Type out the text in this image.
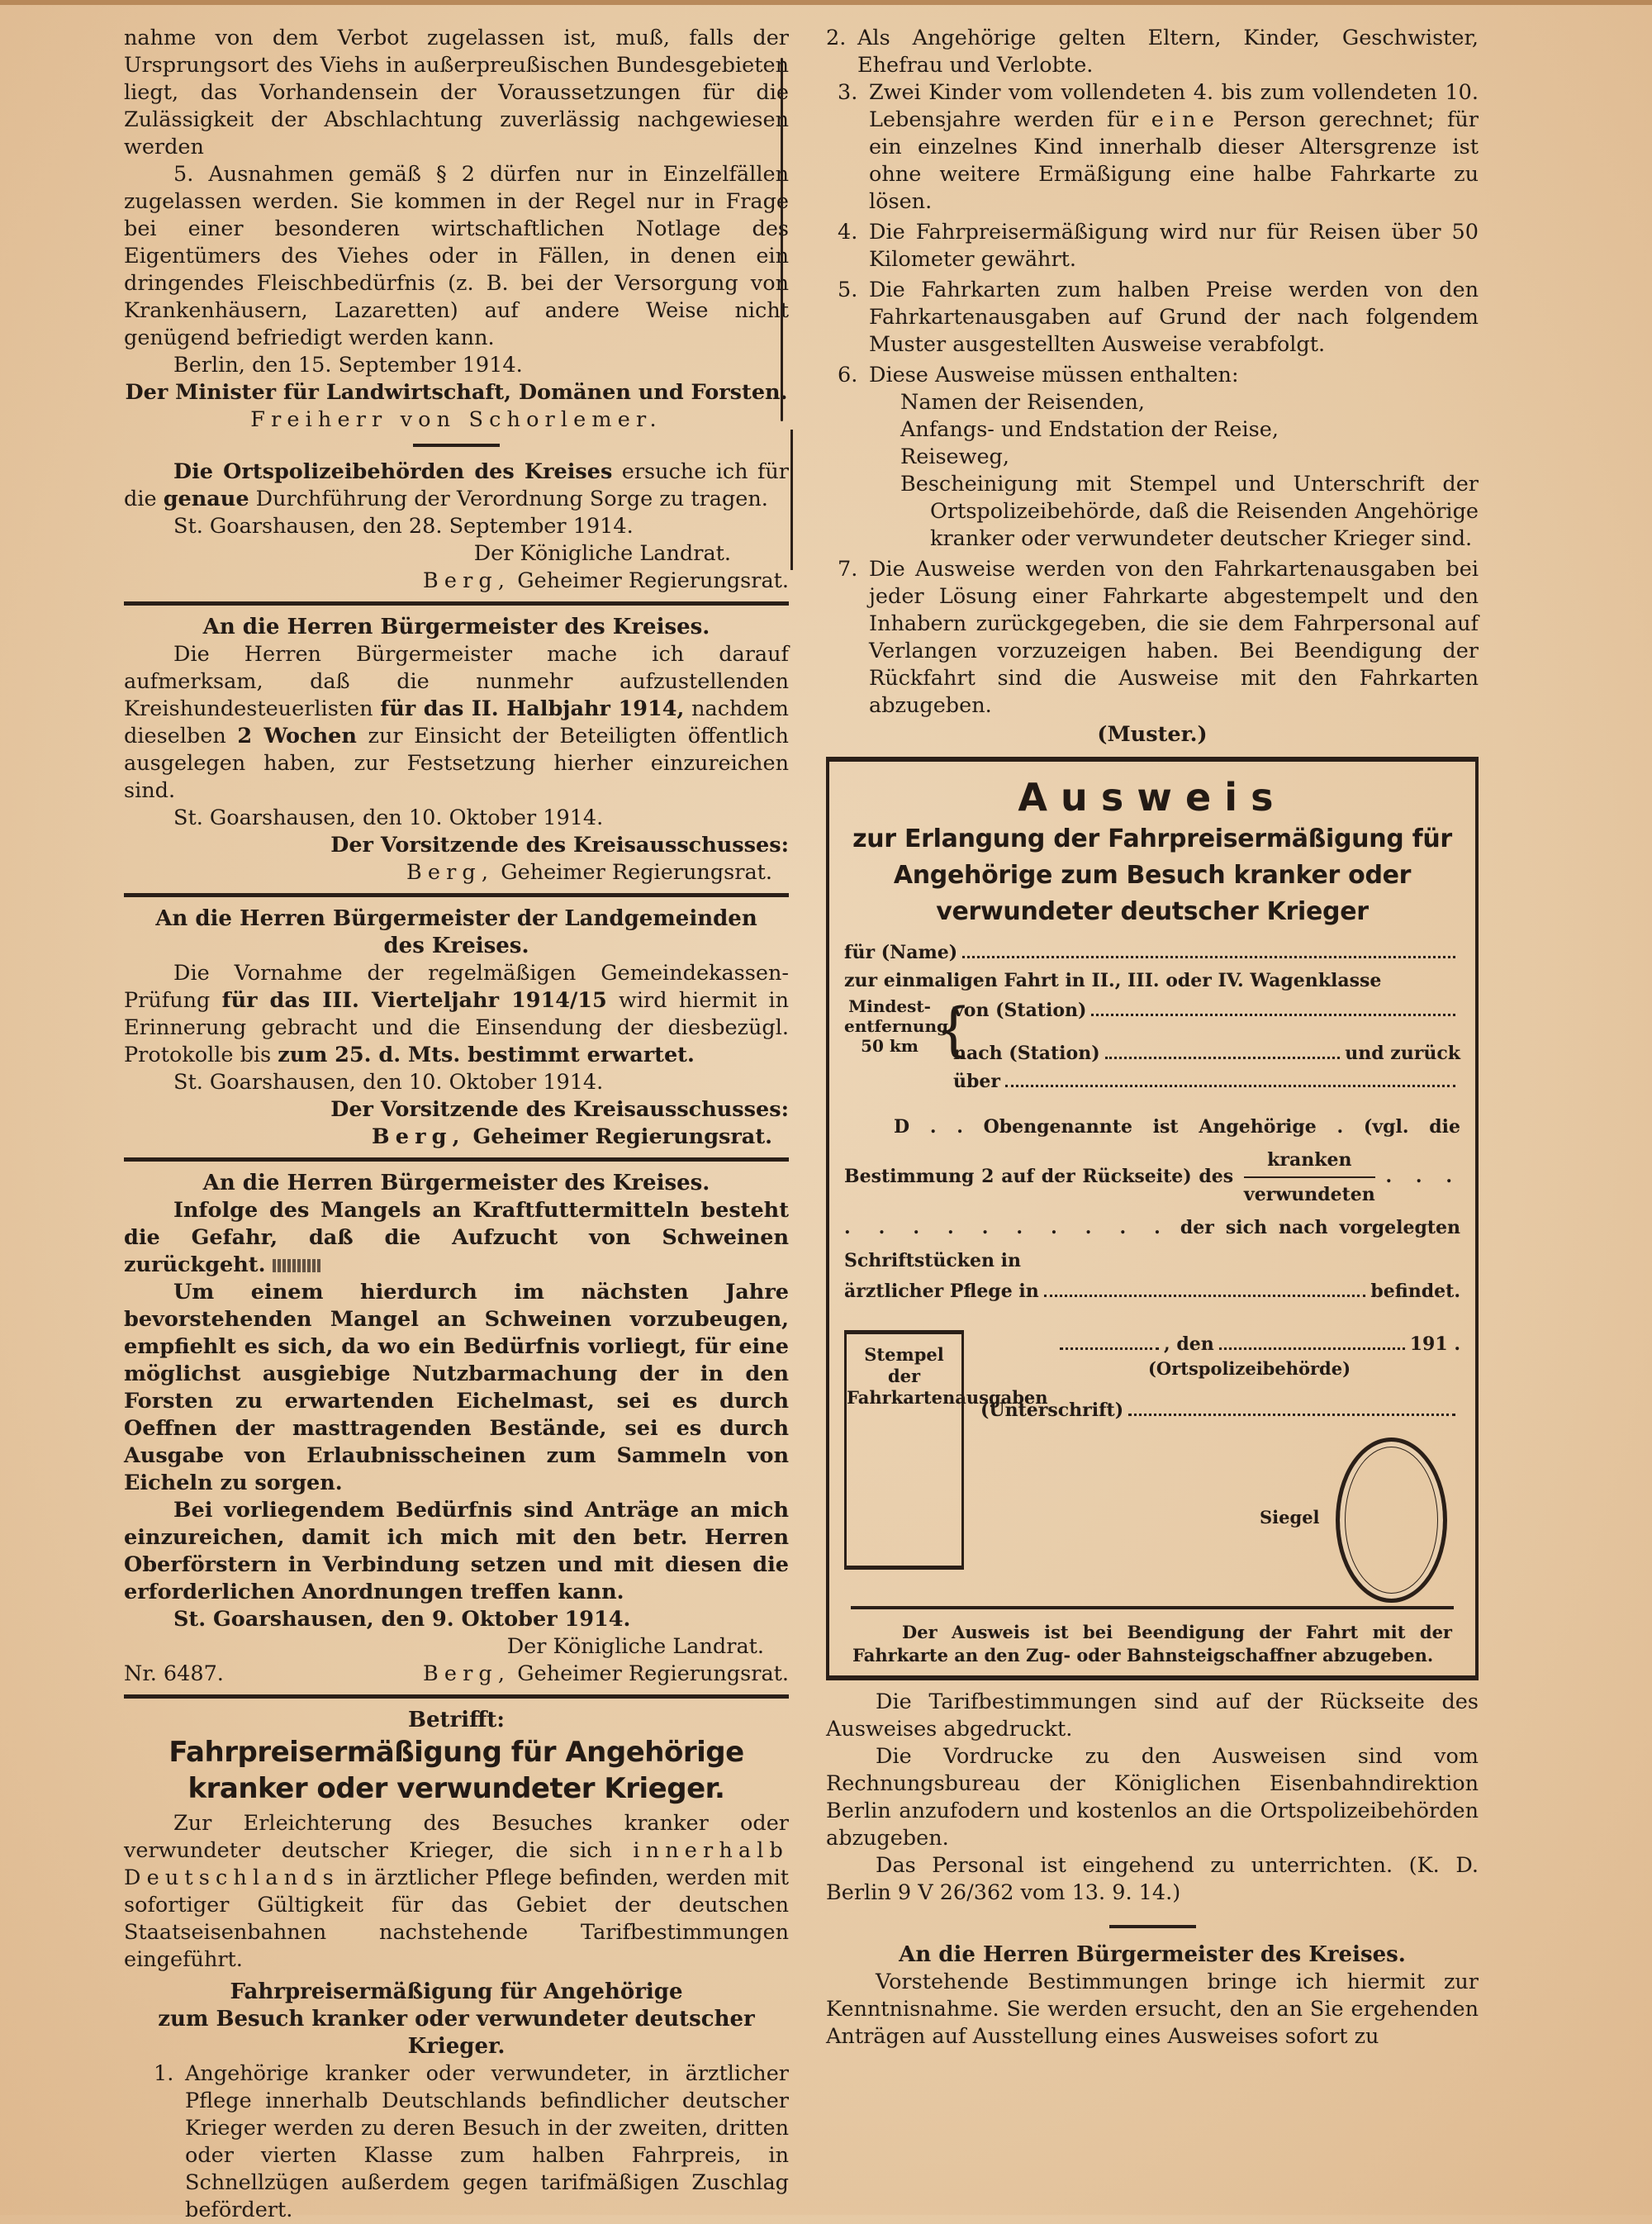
nahme von dem Verbot zugelassen ist, muß, falls der Ursprungsort des Viehs in außerpreußischen Bundesgebieten liegt, das Vorhandensein der Voraussetzungen für die Zulässigkeit der Abschlachtung zuverlässig nachgewiesen werden

5. Ausnahmen gemäß § 2 dürfen nur in Einzelfällen zugelassen werden. Sie kommen in der Regel nur in Frage bei einer besonderen wirtschaftlichen Notlage des Eigentümers des Viehes oder in Fällen, in denen ein dringendes Fleischbedürfnis (z. B. bei der Versorgung von Krankenhäusern, Lazaretten) auf andere Weise nicht genügend befriedigt werden kann.

Berlin, den 15. September 1914.

Der Minister für Landwirtschaft, Domänen und Forsten.

Freiherr von Schorlemer.

Die Ortspolizeibehörden des Kreises ersuche ich für die genaue Durchführung der Verordnung Sorge zu tragen.

St. Goarshausen, den 28. September 1914.

Der Königliche Landrat.

Berg, Geheimer Regierungsrat.

An die Herren Bürgermeister des Kreises.

Die Herren Bürgermeister mache ich darauf aufmerksam, daß die nunmehr aufzustellenden Kreishundesteuerlisten für das II. Halbjahr 1914, nachdem dieselben 2 Wochen zur Einsicht der Beteiligten öffentlich ausgelegen haben, zur Festsetzung hierher einzureichen sind.

St. Goarshausen, den 10. Oktober 1914.

Der Vorsitzende des Kreisausschusses:

Berg, Geheimer Regierungsrat.

An die Herren Bürgermeister der Landgemeinden

des Kreises.

Die Vornahme der regelmäßigen Gemeindekassen-Prüfung für das III. Vierteljahr 1914/15 wird hiermit in Erinnerung gebracht und die Einsendung der diesbezügl. Protokolle bis zum 25. d. Mts. bestimmt erwartet.

St. Goarshausen, den 10. Oktober 1914.

Der Vorsitzende des Kreisausschusses:

Berg, Geheimer Regierungsrat.

An die Herren Bürgermeister des Kreises.

Infolge des Mangels an Kraftfuttermitteln besteht die Gefahr, daß die Aufzucht von Schweinen zurückgeht.

Um einem hierdurch im nächsten Jahre bevorstehenden Mangel an Schweinen vorzubeugen, empfiehlt es sich, da wo ein Bedürfnis vorliegt, für eine möglichst ausgiebige Nutzbarmachung der in den Forsten zu erwartenden Eichelmast, sei es durch Oeffnen der masttragenden Bestände, sei es durch Ausgabe von Erlaubnisscheinen zum Sammeln von Eicheln zu sorgen.

Bei vorliegendem Bedürfnis sind Anträge an mich einzureichen, damit ich mich mit den betr. Herren Oberförstern in Verbindung setzen und mit diesen die erforderlichen Anordnungen treffen kann.

St. Goarshausen, den 9. Oktober 1914.

Der Königliche Landrat.

Nr. 6487.	Berg, Geheimer Regierungsrat.

Betrifft:

Fahrpreisermäßigung für Angehörige kranker oder verwundeter Krieger.

Zur Erleichterung des Besuches kranker oder verwundeter deutscher Krieger, die sich innerhalb Deutschlands in ärztlicher Pflege befinden, werden mit sofortiger Gültigkeit für das Gebiet der deutschen Staatseisenbahnen nachstehende Tarifbestimmungen eingeführt.

Fahrpreisermäßigung für Angehörige

zum Besuch kranker oder verwundeter deutscher Krieger.

1. Angehörige kranker oder verwundeter, in ärztlicher Pflege innerhalb Deutschlands befindlicher deutscher Krieger werden zu deren Besuch in der zweiten, dritten oder vierten Klasse zum halben Fahrpreis, in Schnellzügen außerdem gegen tarifmäßigen Zuschlag befördert.
2. Als Angehörige gelten Eltern, Kinder, Geschwister, Ehefrau und Verlobte.
3. Zwei Kinder vom vollendeten 4. bis zum vollendeten 10. Lebensjahre werden für eine Person gerechnet; für ein einzelnes Kind innerhalb dieser Altersgrenze ist ohne weitere Ermäßigung eine halbe Fahrkarte zu lösen.
4. Die Fahrpreisermäßigung wird nur für Reisen über 50 Kilometer gewährt.
5. Die Fahrkarten zum halben Preise werden von den Fahrkartenausgaben auf Grund der nach folgendem Muster ausgestellten Ausweise verabfolgt.
6. Diese Ausweise müssen enthalten:

Namen der Reisenden,

Anfangs- und Endstation der Reise,

Reiseweg,

Bescheinigung mit Stempel und Unterschrift der Ortspolizeibehörde, daß die Reisenden Angehörige kranker oder verwundeter deutscher Krieger sind.

7. Die Ausweise werden von den Fahrkartenausgaben bei jeder Lösung einer Fahrkarte abgestempelt und den Inhabern zurückgegeben, die sie dem Fahrpersonal auf Verlangen vorzuzeigen haben. Bei Beendigung der Rückfahrt sind die Ausweise mit den Fahrkarten abzugeben.

(Muster.)

Ausweis
zur Erlangung der Fahrpreisermäßigung für Angehörige zum Besuch kranker oder verwundeter deutscher Krieger
für (Name)
zur einmaligen Fahrt in II., III. oder IV. Wagenklasse
Mindest-
entfernung
50 km {
von (Station)
nach (Station)	und zurück
über
D . . Obengenannte ist Angehörige . (vgl. die Bestimmung 2 auf der Rückseite) des $\frac{\text{kranken}}{\text{verwundeten}}$ . . . . . . . . . . . . . der sich nach vorgelegten Schriftstücken in
ärztlicher Pflege in	befindet.
Stempel der Fahrkartenausgaben
, den	191 .
(Ortspolizeibehörde)
(Unterschrift)
Siegel

Der Ausweis ist bei Beendigung der Fahrt mit der Fahrkarte an den Zug- oder Bahnsteigschaffner abzugeben.

Die Tarifbestimmungen sind auf der Rückseite des Ausweises abgedruckt.

Die Vordrucke zu den Ausweisen sind vom Rechnungsbureau der Königlichen Eisenbahndirektion Berlin anzufodern und kostenlos an die Ortspolizeibehörden abzugeben.

Das Personal ist eingehend zu unterrichten. (K. D. Berlin 9 V 26/362 vom 13. 9. 14.)

An die Herren Bürgermeister des Kreises.

Vorstehende Bestimmungen bringe ich hiermit zur Kenntnisnahme. Sie werden ersucht, den an Sie ergehenden Anträgen auf Ausstellung eines Ausweises sofort zu
